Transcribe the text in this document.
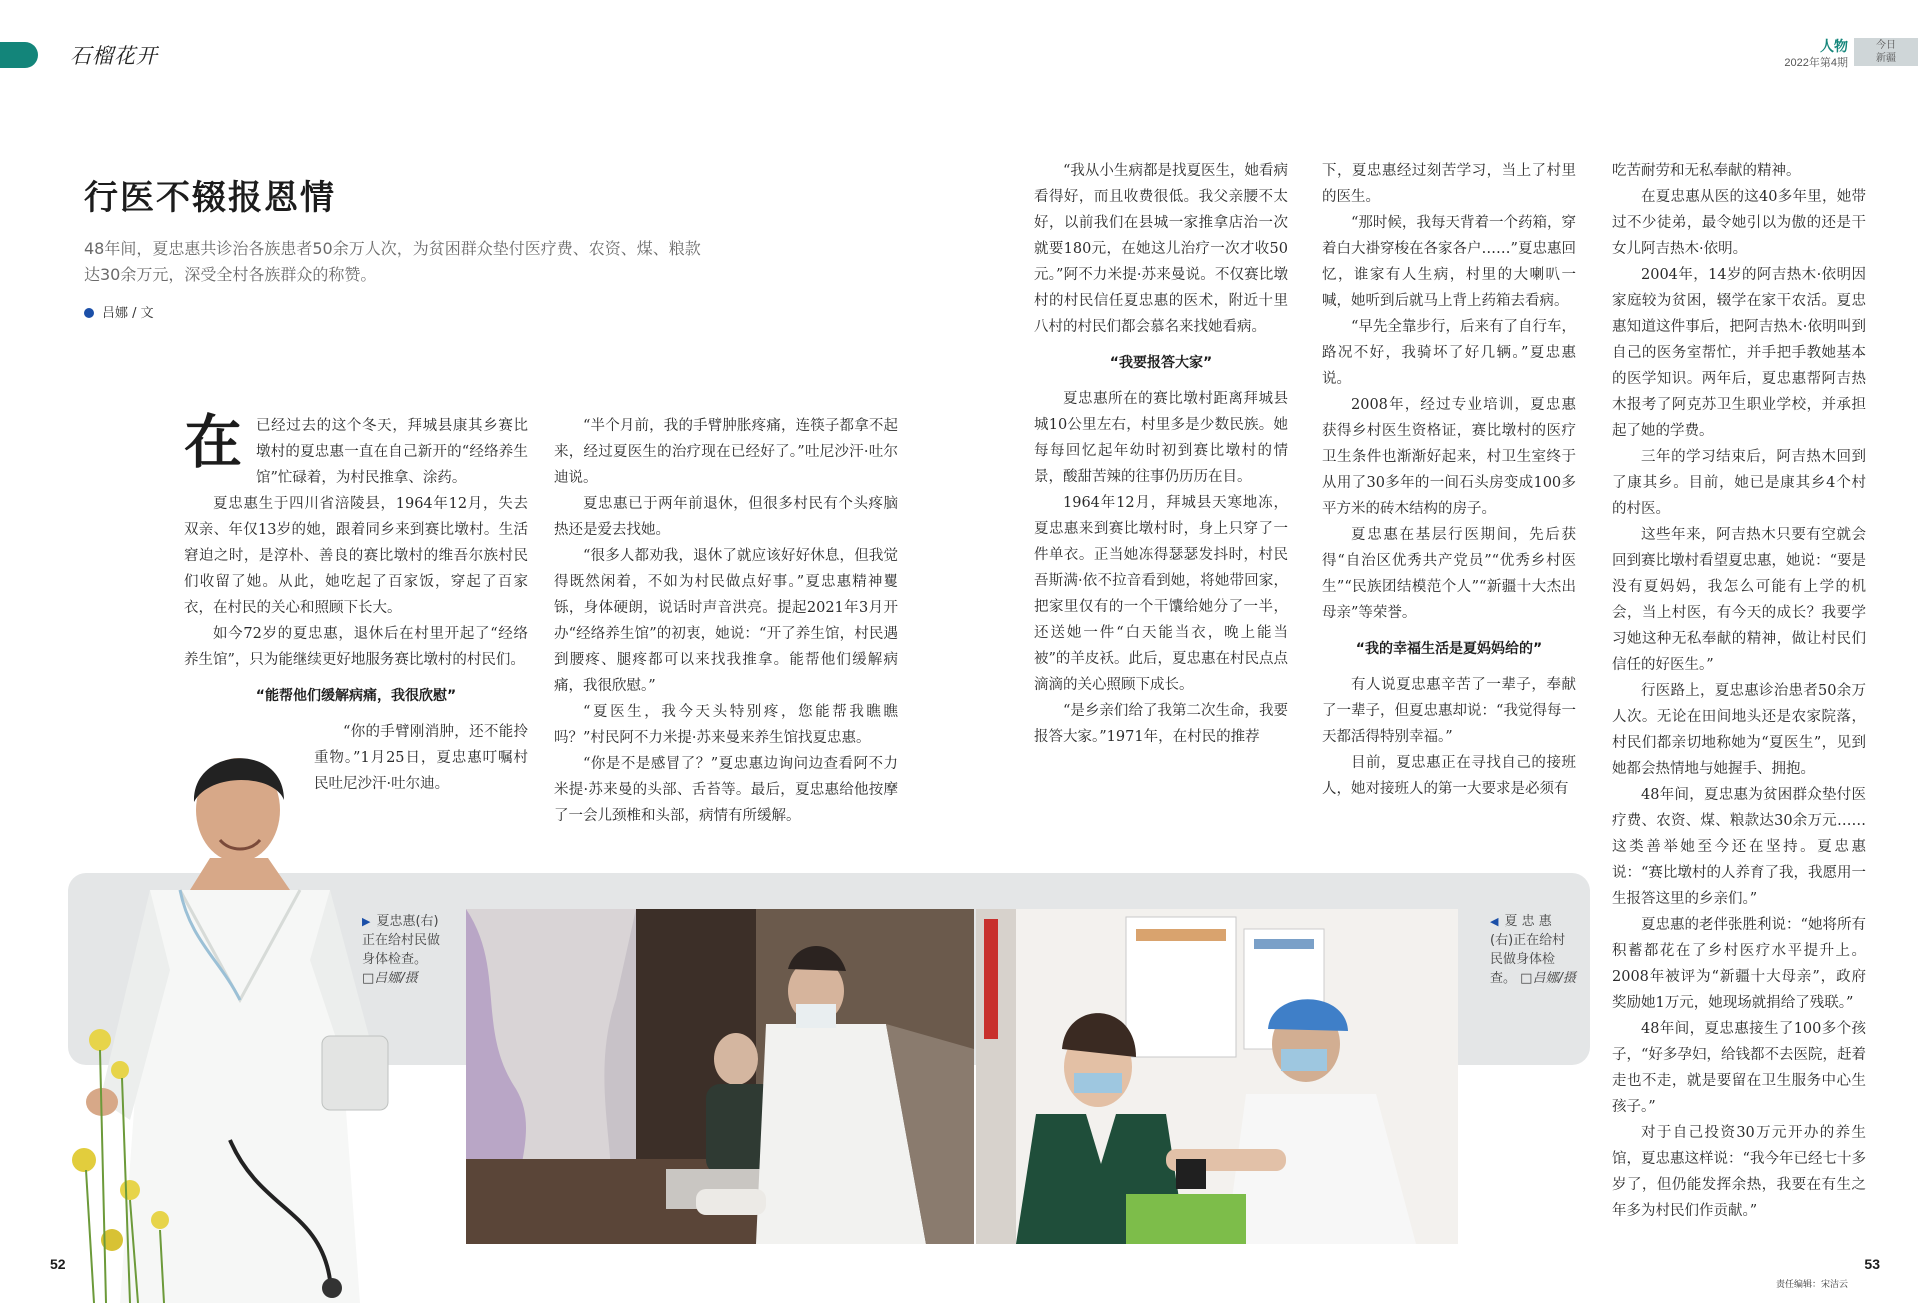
石榴花开	人物
2022年第4期
今日
新疆
行医不辍报恩情

48年间，夏忠惠共诊治各族患者50余万人次，为贫困群众垫付医疗费、农资、煤、粮款达30余万元，深受全村各族群众的称赞。

吕娜 / 文
在 已经过去的这个冬天，拜城县康其乡赛比墩村的夏忠惠一直在自己新开的“经络养生馆”忙碌着，为村民推拿、涂药。

夏忠惠生于四川省涪陵县，1964年12月，失去双亲、年仅13岁的她，跟着同乡来到赛比墩村。生活窘迫之时，是淳朴、善良的赛比墩村的维吾尔族村民们收留了她。从此，她吃起了百家饭，穿起了百家衣，在村民的关心和照顾下长大。

如今72岁的夏忠惠，退休后在村里开起了“经络养生馆”，只为能继续更好地服务赛比墩村的村民们。

“能帮他们缓解病痛，我很欣慰”

“你的手臂刚消肿，还不能拎重物。”1月25日，夏忠惠叮嘱村民吐尼沙汗·吐尔迪。

“半个月前，我的手臂肿胀疼痛，连筷子都拿不起来，经过夏医生的治疗现在已经好了。”吐尼沙汗·吐尔迪说。

夏忠惠已于两年前退休，但很多村民有个头疼脑热还是爱去找她。

“很多人都劝我，退休了就应该好好休息，但我觉得既然闲着，不如为村民做点好事。”夏忠惠精神矍铄，身体硬朗，说话时声音洪亮。提起2021年3月开办“经络养生馆”的初衷，她说：“开了养生馆，村民遇到腰疼、腿疼都可以来找我推拿。能帮他们缓解病痛，我很欣慰。”

“夏医生，我今天头特别疼，您能帮我瞧瞧吗？”村民阿不力米提·苏来曼来养生馆找夏忠惠。

“你是不是感冒了？”夏忠惠边询问边查看阿不力米提·苏来曼的头部、舌苔等。最后，夏忠惠给他按摩了一会儿颈椎和头部，病情有所缓解。

“我从小生病都是找夏医生，她看病看得好，而且收费很低。我父亲腰不太好，以前我们在县城一家推拿店治一次就要180元，在她这儿治疗一次才收50元。”阿不力米提·苏来曼说。不仅赛比墩村的村民信任夏忠惠的医术，附近十里八村的村民们都会慕名来找她看病。

“我要报答大家”

夏忠惠所在的赛比墩村距离拜城县城10公里左右，村里多是少数民族。她每每回忆起年幼时初到赛比墩村的情景，酸甜苦辣的往事仍历历在目。

1964年12月，拜城县天寒地冻，夏忠惠来到赛比墩村时，身上只穿了一件单衣。正当她冻得瑟瑟发抖时，村民吾斯满·依不拉音看到她，将她带回家，把家里仅有的一个干馕给她分了一半，还送她一件“白天能当衣，晚上能当被”的羊皮袄。此后，夏忠惠在村民点点滴滴的关心照顾下成长。

“是乡亲们给了我第二次生命，我要报答大家。”1971年，在村民的推荐

下，夏忠惠经过刻苦学习，当上了村里的医生。

“那时候，我每天背着一个药箱，穿着白大褂穿梭在各家各户……”夏忠惠回忆，谁家有人生病，村里的大喇叭一喊，她听到后就马上背上药箱去看病。

“早先全靠步行，后来有了自行车，路况不好，我骑坏了好几辆。”夏忠惠说。

2008年，经过专业培训，夏忠惠获得乡村医生资格证，赛比墩村的医疗卫生条件也渐渐好起来，村卫生室终于从用了30多年的一间石头房变成100多平方米的砖木结构的房子。

夏忠惠在基层行医期间，先后获得“自治区优秀共产党员”“优秀乡村医生”“民族团结模范个人”“新疆十大杰出母亲”等荣誉。

“我的幸福生活是夏妈妈给的”

有人说夏忠惠辛苦了一辈子，奉献了一辈子，但夏忠惠却说：“我觉得每一天都活得特别幸福。”

目前，夏忠惠正在寻找自己的接班人，她对接班人的第一大要求是必须有

吃苦耐劳和无私奉献的精神。

在夏忠惠从医的这40多年里，她带过不少徒弟，最令她引以为傲的还是干女儿阿吉热木·依明。

2004年，14岁的阿吉热木·依明因家庭较为贫困，辍学在家干农活。夏忠惠知道这件事后，把阿吉热木·依明叫到自己的医务室帮忙，并手把手教她基本的医学知识。两年后，夏忠惠帮阿吉热木报考了阿克苏卫生职业学校，并承担起了她的学费。

三年的学习结束后，阿吉热木回到了康其乡。目前，她已是康其乡4个村的村医。

这些年来，阿吉热木只要有空就会回到赛比墩村看望夏忠惠，她说：“要是没有夏妈妈，我怎么可能有上学的机会，当上村医，有今天的成长？我要学习她这种无私奉献的精神，做让村民们信任的好医生。”

行医路上，夏忠惠诊治患者50余万人次。无论在田间地头还是农家院落，村民们都亲切地称她为“夏医生”，见到她都会热情地与她握手、拥抱。

48年间，夏忠惠为贫困群众垫付医疗费、农资、煤、粮款达30余万元……这类善举她至今还在坚持。夏忠惠说：“赛比墩村的人养育了我，我愿用一生报答这里的乡亲们。”

夏忠惠的老伴张胜利说：“她将所有积蓄都花在了乡村医疗水平提升上。2008年被评为“新疆十大母亲”，政府奖励她1万元，她现场就捐给了残联。”

48年间，夏忠惠接生了100多个孩子，“好多孕妇，给钱都不去医院，赶着走也不走，就是要留在卫生服务中心生孩子。”

对于自己投资30万元开办的养生馆，夏忠惠这样说：“我今年已经七十多岁了，但仍能发挥余热，我要在有生之年多为村民们作贡献。”

▶ 夏忠惠(右)
正在给村民做
身体检查。
□吕娜/摄
◀ 夏 忠 惠
(右)正在给村
民做身体检
查。 □吕娜/摄
52	53
责任编辑：宋洁云
